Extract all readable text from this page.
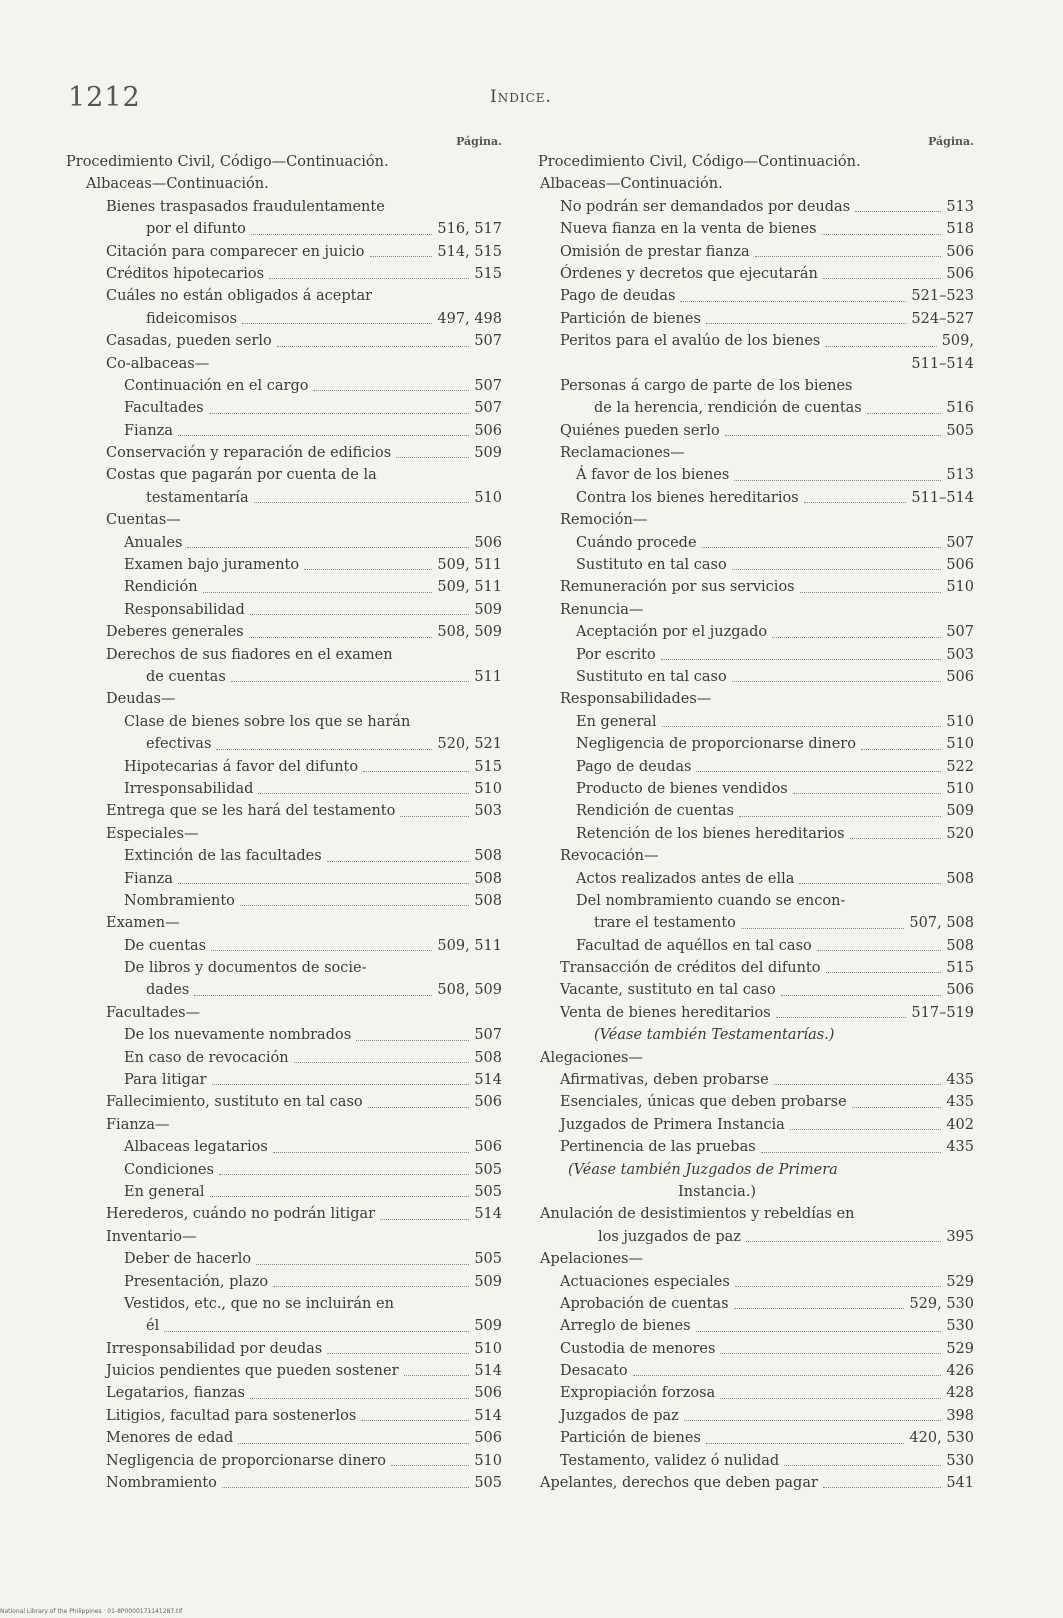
1212	Indice.
Página.
Procedimiento Civil, Código—Continuación.
Albaceas—Continuación.
Bienes traspasados fraudulentamente
por el difunto	516, 517
Citación para comparecer en juicio	514, 515
Créditos hipotecarios	515
Cuáles no están obligados á aceptar
fideicomisos	497, 498
Casadas, pueden serlo	507
Co-albaceas—
Continuación en el cargo	507
Facultades	507
Fianza	506
Conservación y reparación de edificios	509
Costas que pagarán por cuenta de la
testamentaría	510
Cuentas—
Anuales	506
Examen bajo juramento	509, 511
Rendición	509, 511
Responsabilidad	509
Deberes generales	508, 509
Derechos de sus fiadores en el examen
de cuentas	511
Deudas—
Clase de bienes sobre los que se harán
efectivas	520, 521
Hipotecarias á favor del difunto	515
Irresponsabilidad	510
Entrega que se les hará del testamento	503
Especiales—
Extinción de las facultades	508
Fianza	508
Nombramiento	508
Examen—
De cuentas	509, 511
De libros y documentos de socie-
dades	508, 509
Facultades—
De los nuevamente nombrados	507
En caso de revocación	508
Para litigar	514
Fallecimiento, sustituto en tal caso	506
Fianza—
Albaceas legatarios	506
Condiciones	505
En general	505
Herederos, cuándo no podrán litigar	514
Inventario—
Deber de hacerlo	505
Presentación, plazo	509
Vestidos, etc., que no se incluirán en
él	509
Irresponsabilidad por deudas	510
Juicios pendientes que pueden sostener	514
Legatarios, fianzas	506
Litigios, facultad para sostenerlos	514
Menores de edad	506
Negligencia de proporcionarse dinero	510
Nombramiento	505
Página.
Procedimiento Civil, Código—Continuación.
Albaceas—Continuación.
No podrán ser demandados por deudas	513
Nueva fianza en la venta de bienes	518
Omisión de prestar fianza	506
Órdenes y decretos que ejecutarán	506
Pago de deudas	521–523
Partición de bienes	524–527
Peritos para el avalúo de los bienes	509,
511–514
Personas á cargo de parte de los bienes
de la herencia, rendición de cuentas	516
Quiénes pueden serlo	505
Reclamaciones—
Á favor de los bienes	513
Contra los bienes hereditarios	511–514
Remoción—
Cuándo procede	507
Sustituto en tal caso	506
Remuneración por sus servicios	510
Renuncia—
Aceptación por el juzgado	507
Por escrito	503
Sustituto en tal caso	506
Responsabilidades—
En general	510
Negligencia de proporcionarse dinero	510
Pago de deudas	522
Producto de bienes vendidos	510
Rendición de cuentas	509
Retención de los bienes hereditarios	520
Revocación—
Actos realizados antes de ella	508
Del nombramiento cuando se encon-
trare el testamento	507, 508
Facultad de aquéllos en tal caso	508
Transacción de créditos del difunto	515
Vacante, sustituto en tal caso	506
Venta de bienes hereditarios	517–519
(Véase también Testamentarías.)
Alegaciones—
Afirmativas, deben probarse	435
Esenciales, únicas que deben probarse	435
Juzgados de Primera Instancia	402
Pertinencia de las pruebas	435
(Véase también Juzgados de Primera
Instancia.)
Anulación de desistimientos y rebeldías en
los juzgados de paz	395
Apelaciones—
Actuaciones especiales	529
Aprobación de cuentas	529, 530
Arreglo de bienes	530
Custodia de menores	529
Desacato	426
Expropiación forzosa	428
Juzgados de paz	398
Partición de bienes	420, 530
Testamento, validez ó nulidad	530
Apelantes, derechos que deben pagar	541
National Library of the Philippines · 01-8P0000171141287.tif
